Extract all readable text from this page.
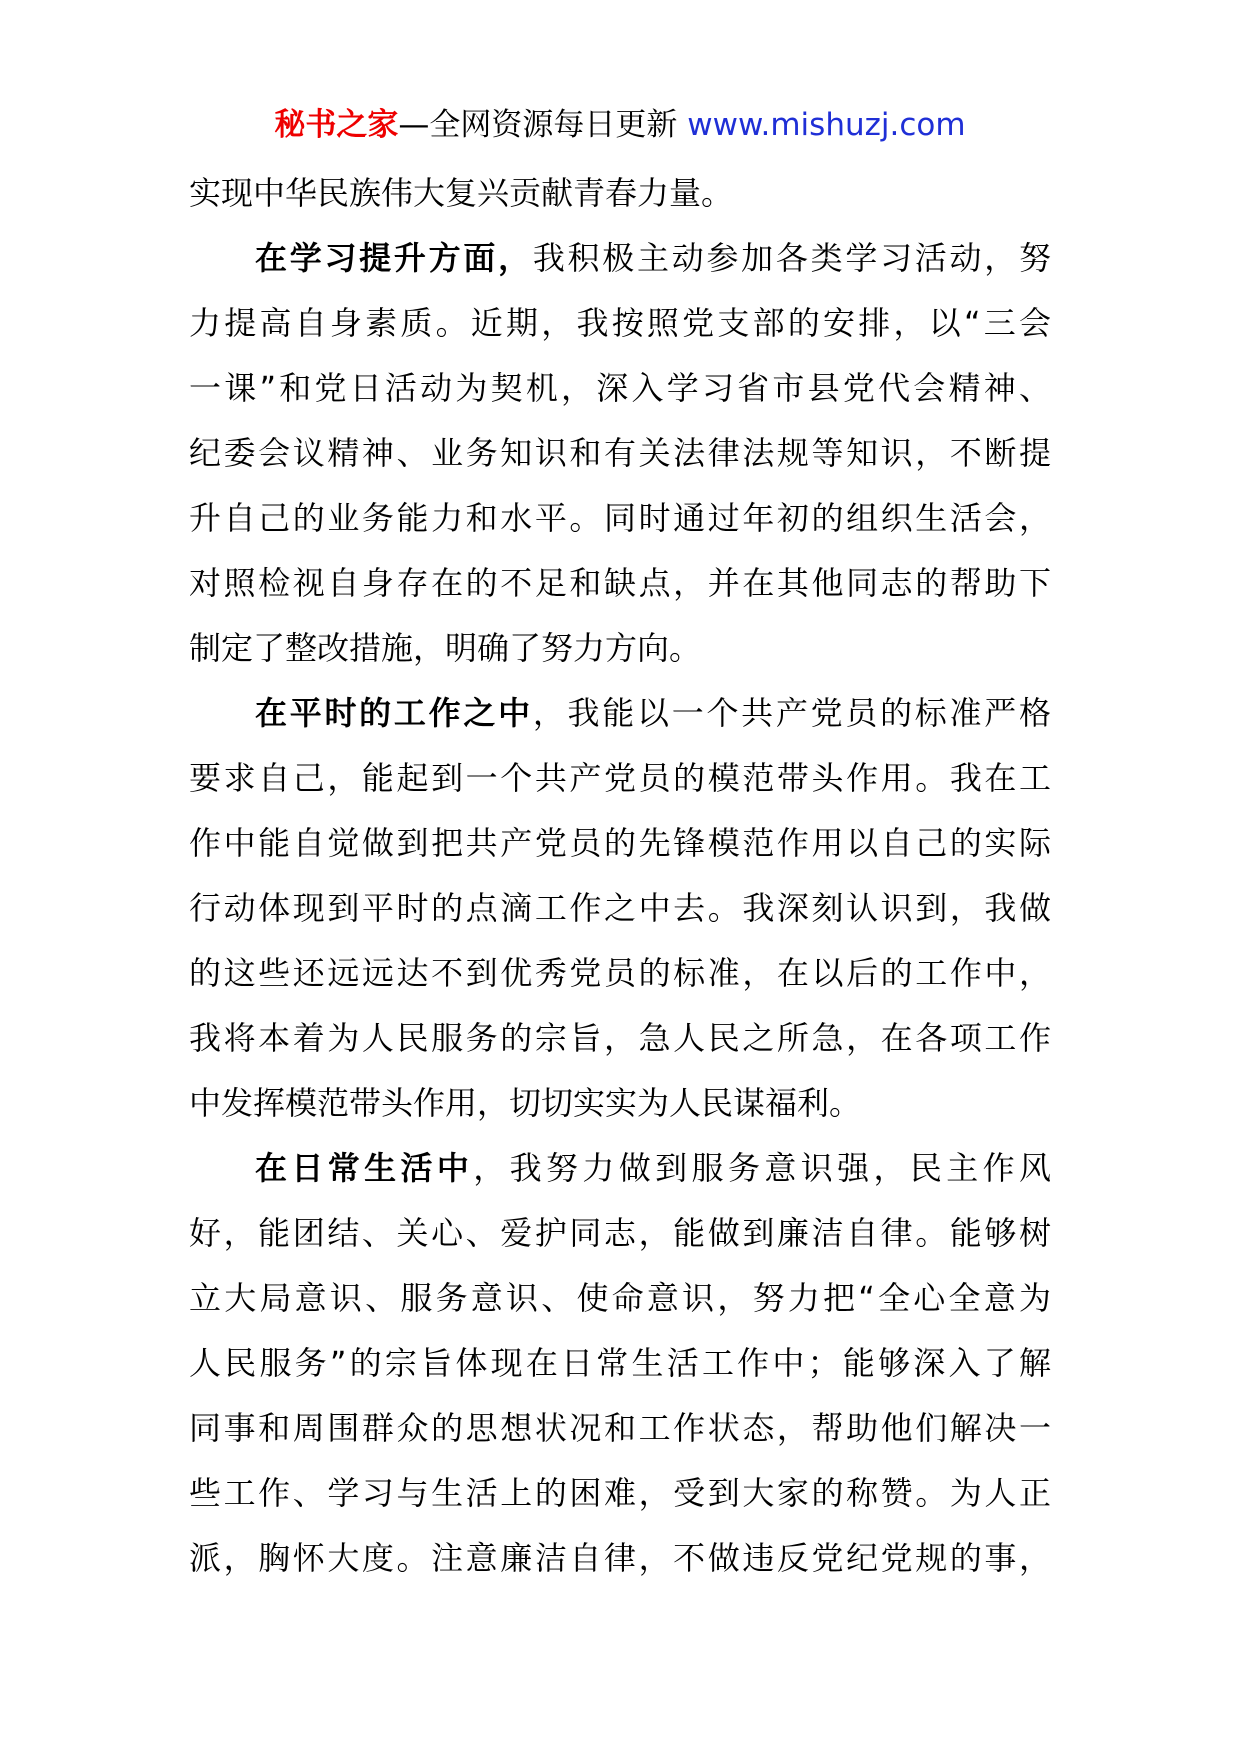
秘书之家—全网资源每日更新 www.mishuzj.com
实现中华民族伟大复兴贡献青春力量。
在学习提升方面，我积极主动参加各类学习活动，努
力提高自身素质。近期，我按照党支部的安排，以“三会
一课”和党日活动为契机，深入学习省市县党代会精神、
纪委会议精神、业务知识和有关法律法规等知识，不断提
升自己的业务能力和水平。同时通过年初的组织生活会，
对照检视自身存在的不足和缺点，并在其他同志的帮助下
制定了整改措施，明确了努力方向。
在平时的工作之中，我能以一个共产党员的标准严格
要求自己，能起到一个共产党员的模范带头作用。我在工
作中能自觉做到把共产党员的先锋模范作用以自己的实际
行动体现到平时的点滴工作之中去。我深刻认识到，我做
的这些还远远达不到优秀党员的标准，在以后的工作中，
我将本着为人民服务的宗旨，急人民之所急，在各项工作
中发挥模范带头作用，切切实实为人民谋福利。
在日常生活中，我努力做到服务意识强，民主作风
好，能团结、关心、爱护同志，能做到廉洁自律。能够树
立大局意识、服务意识、使命意识，努力把“全心全意为
人民服务”的宗旨体现在日常生活工作中；能够深入了解
同事和周围群众的思想状况和工作状态，帮助他们解决一
些工作、学习与生活上的困难，受到大家的称赞。为人正
派，胸怀大度。注意廉洁自律，不做违反党纪党规的事，
